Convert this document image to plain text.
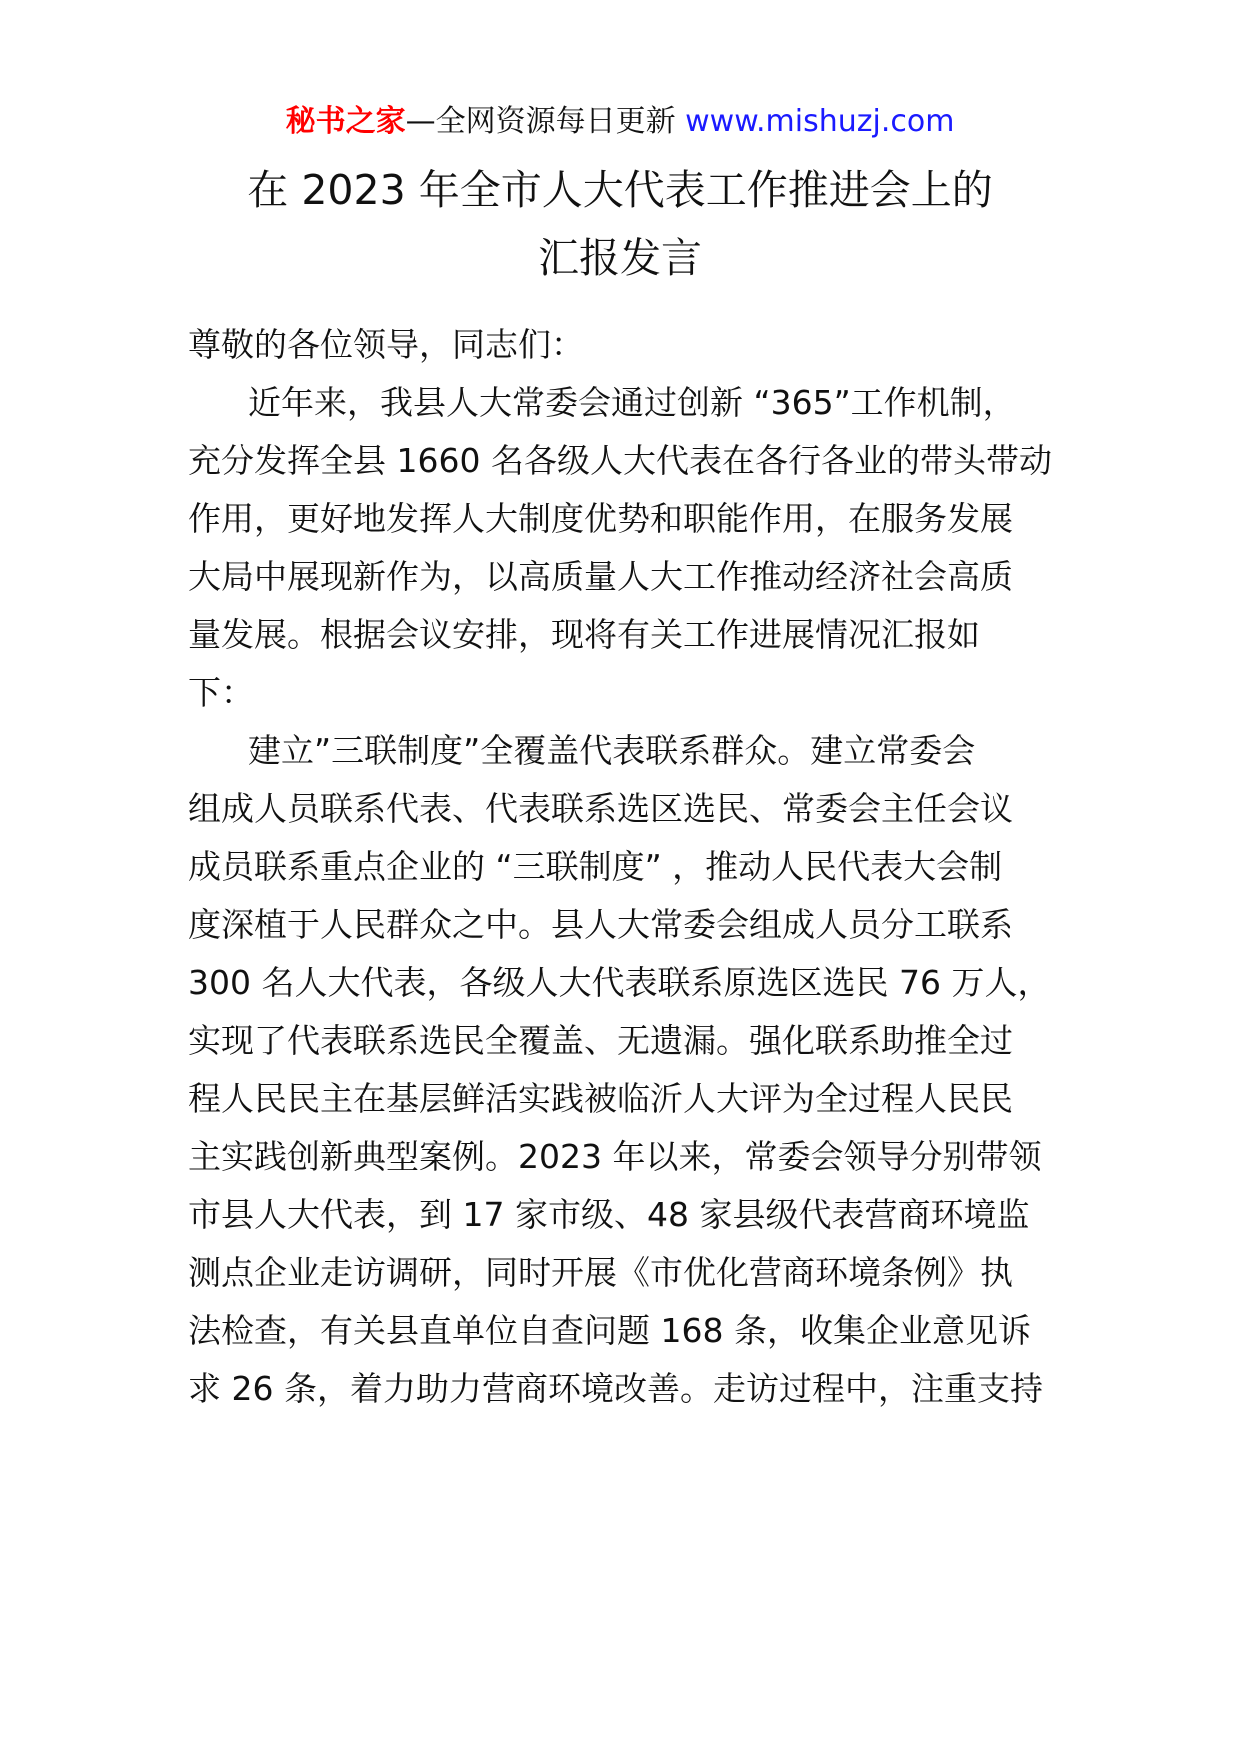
秘书之家—全网资源每日更新 www.mishuzj.com
在 2023 年全市人大代表工作推进会上的
汇报发言
尊敬的各位领导，同志们：
近年来，我县人大常委会通过创新 “365”工作机制，
充分发挥全县 1660 名各级人大代表在各行各业的带头带动
作用，更好地发挥人大制度优势和职能作用，在服务发展
大局中展现新作为，以高质量人大工作推动经济社会高质
量发展。根据会议安排，现将有关工作进展情况汇报如
下：
建立”三联制度”全覆盖代表联系群众。建立常委会
组成人员联系代表、代表联系选区选民、常委会主任会议
成员联系重点企业的 “三联制度” ，推动人民代表大会制
度深植于人民群众之中。县人大常委会组成人员分工联系
300 名人大代表，各级人大代表联系原选区选民 76 万人，
实现了代表联系选民全覆盖、无遗漏。强化联系助推全过
程人民民主在基层鲜活实践被临沂人大评为全过程人民民
主实践创新典型案例。2023 年以来，常委会领导分别带领
市县人大代表，到 17 家市级、48 家县级代表营商环境监
测点企业走访调研，同时开展《市优化营商环境条例》执
法检查，有关县直单位自查问题 168 条，收集企业意见诉
求 26 条，着力助力营商环境改善。走访过程中，注重支持
